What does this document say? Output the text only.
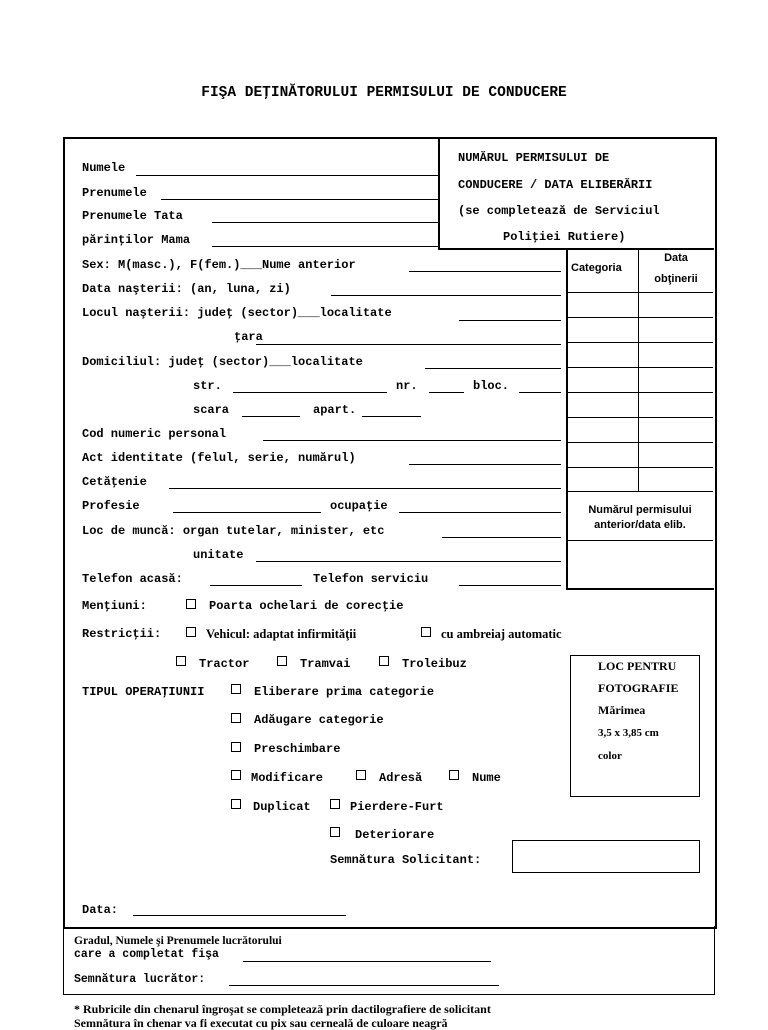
FIŞA DEŢINĂTORULUI PERMISULUI DE CONDUCERE
NUMĂRUL PERMISULUI DE
CONDUCERE / DATA ELIBERĂRII
(se completează de Serviciul
Poliţiei Rutiere)
Categoria
Data
obţinerii
Numărul permisului
anterior/data elib.
Numele
Prenumele
Prenumele Tata
părinţilor Mama
Sex: M(masc.), F(fem.)___Nume anterior
Data naşterii: (an, luna, zi)
Locul naşterii: judeţ (sector)___localitate
ţara
Domiciliul: judeţ (sector)___localitate
str.	nr.	bloc.
scara	apart.
Cod numeric personal
Act identitate (felul, serie, numărul)
Cetăţenie
Profesie	ocupaţie
Loc de muncă: organ tutelar, minister, etc
unitate
Telefon acasă:	Telefon serviciu
Menţiuni:	Poarta ochelari de corecţie
Restricţii:	Vehicul: adaptat infirmităţii	cu ambreiaj automatic
Tractor	Tramvai	Troleibuz
TIPUL OPERAŢIUNII	Eliberare prima categorie
Adăugare categorie
Preschimbare
Modificare	Adresă	Nume
Duplicat	Pierdere-Furt
Deteriorare
LOC PENTRU
FOTOGRAFIE
Mărimea
3,5 x 3,85 cm
color
Semnătura Solicitant:
Data:
Gradul, Numele şi Prenumele lucrătorului
care a completat fişa
Semnătura lucrător:
* Rubricile din chenarul îngroşat se completează prin dactilografiere de solicitant
Semnătura în chenar va fi executat cu pix sau cerneală de culoare neagră
